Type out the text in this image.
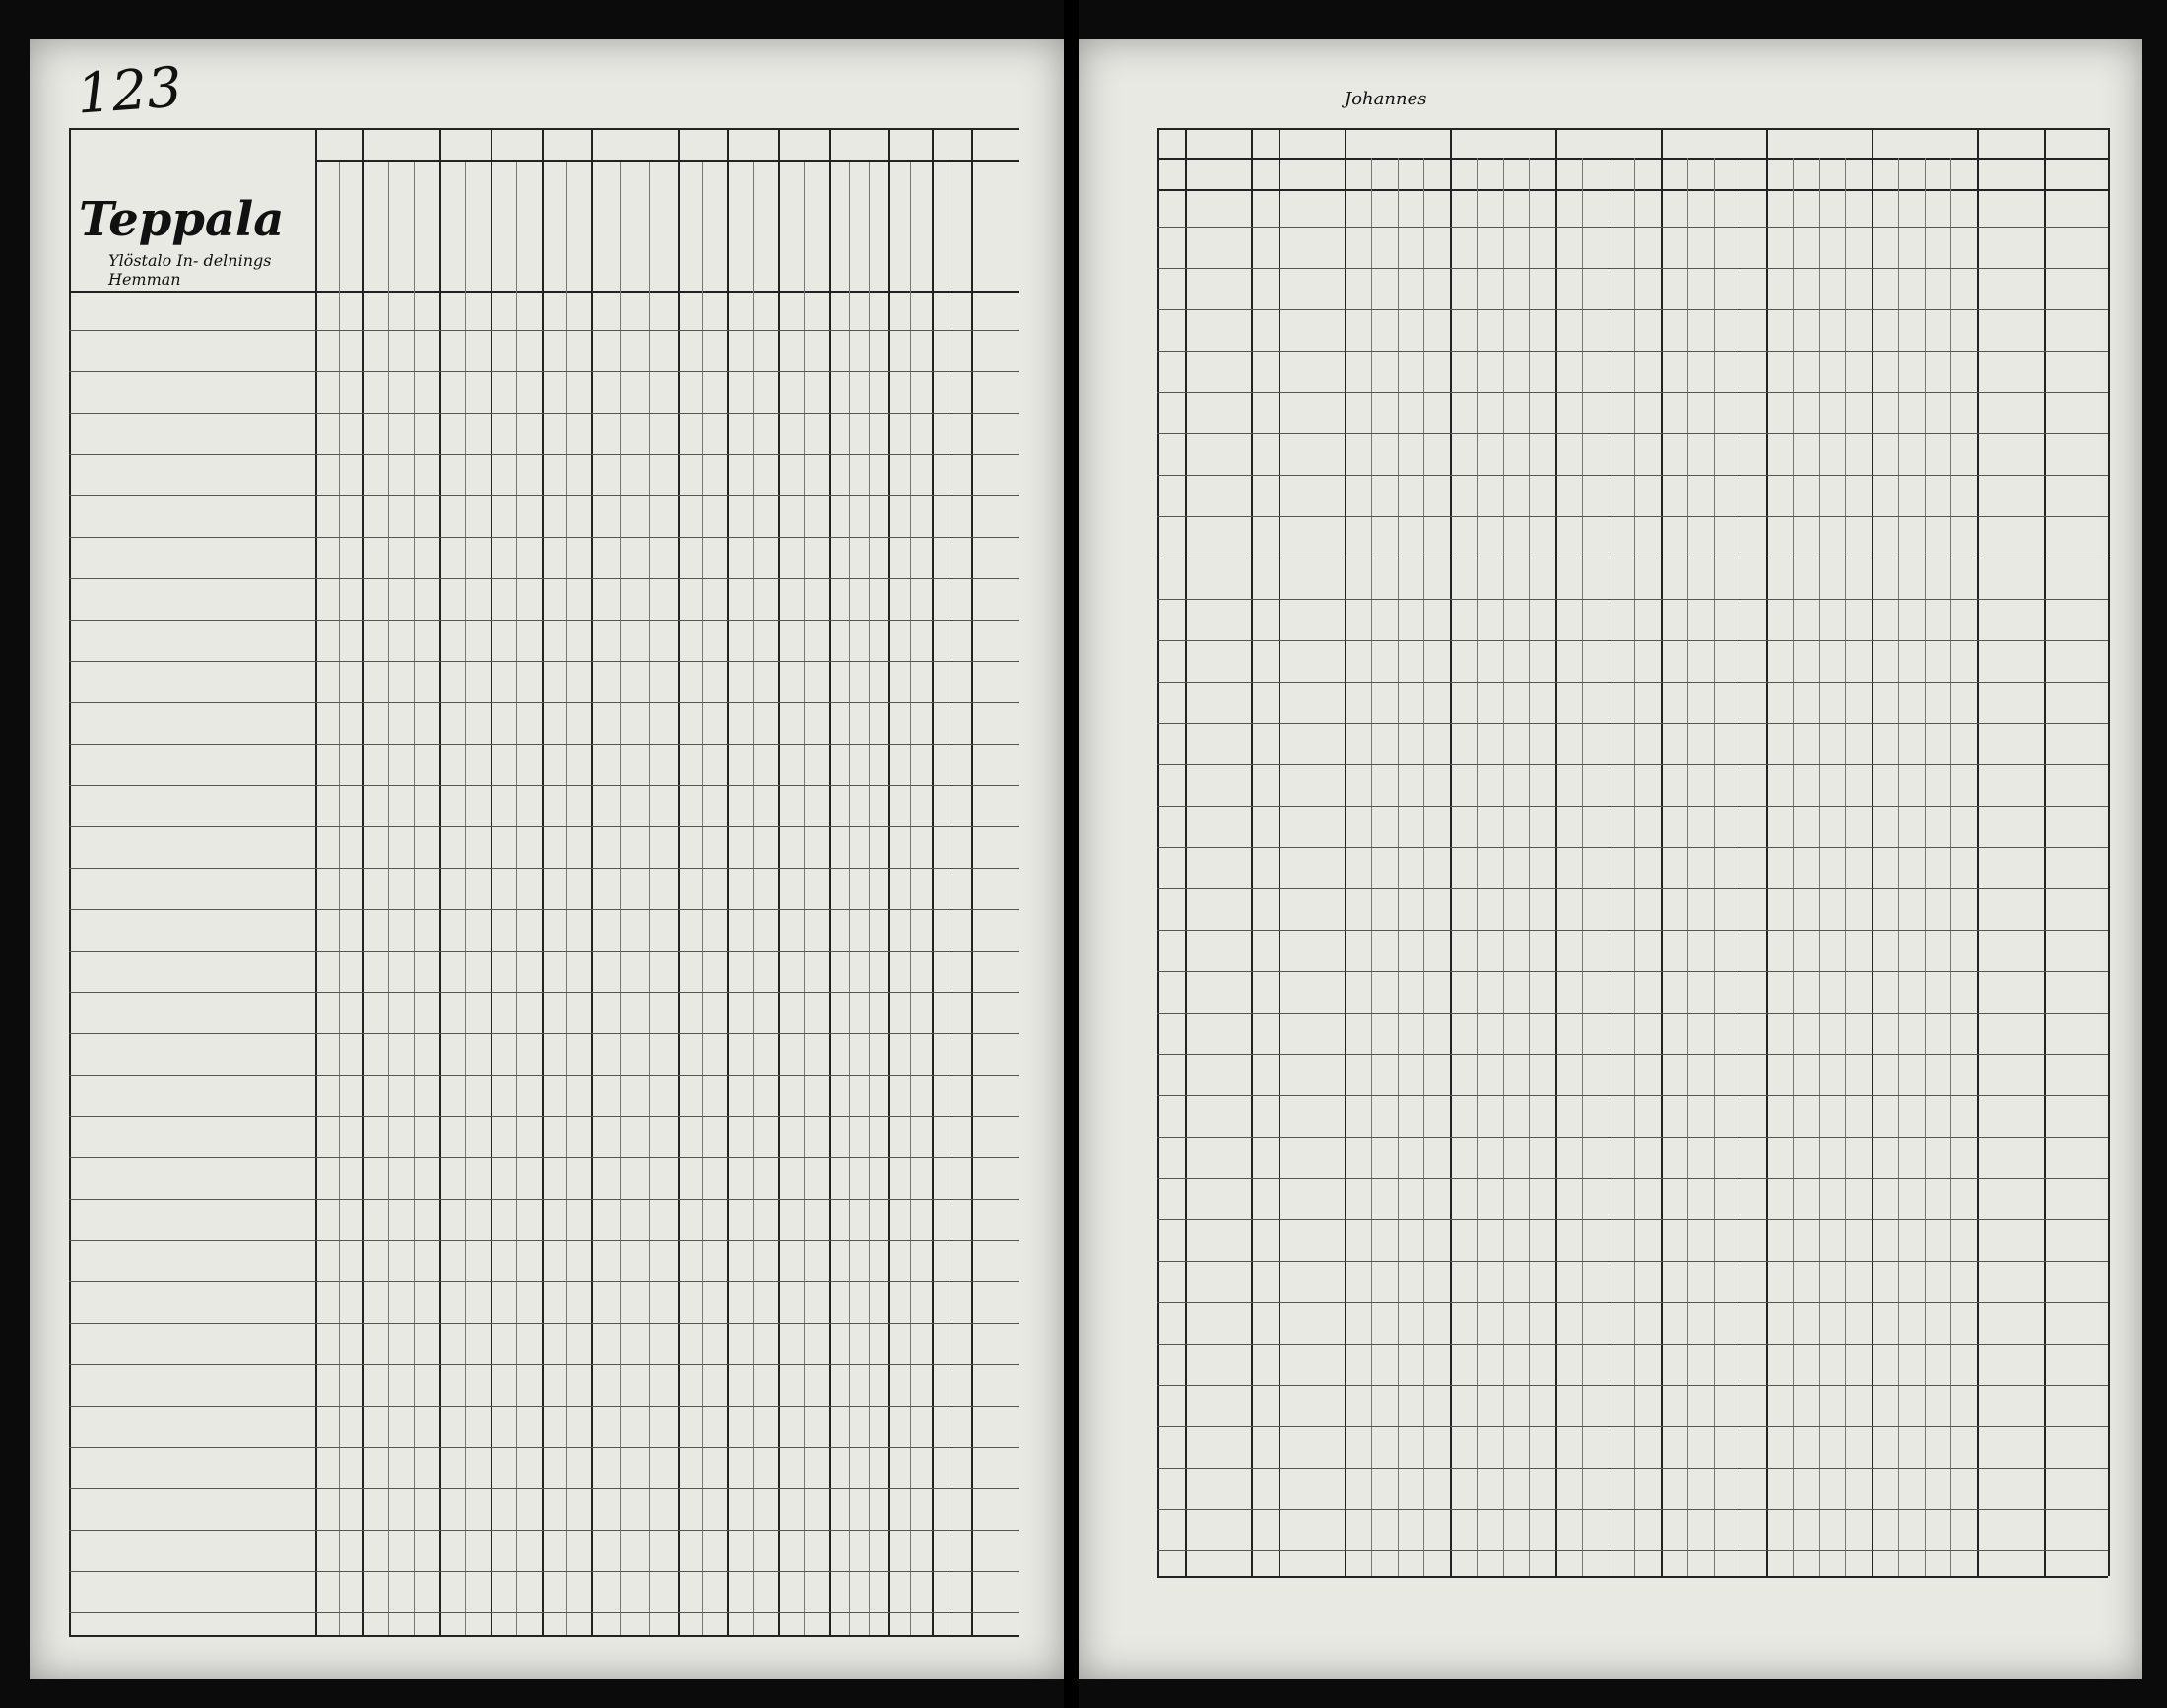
123
Teppala
Ylöstalo In- delnings Hemman
Johannes
